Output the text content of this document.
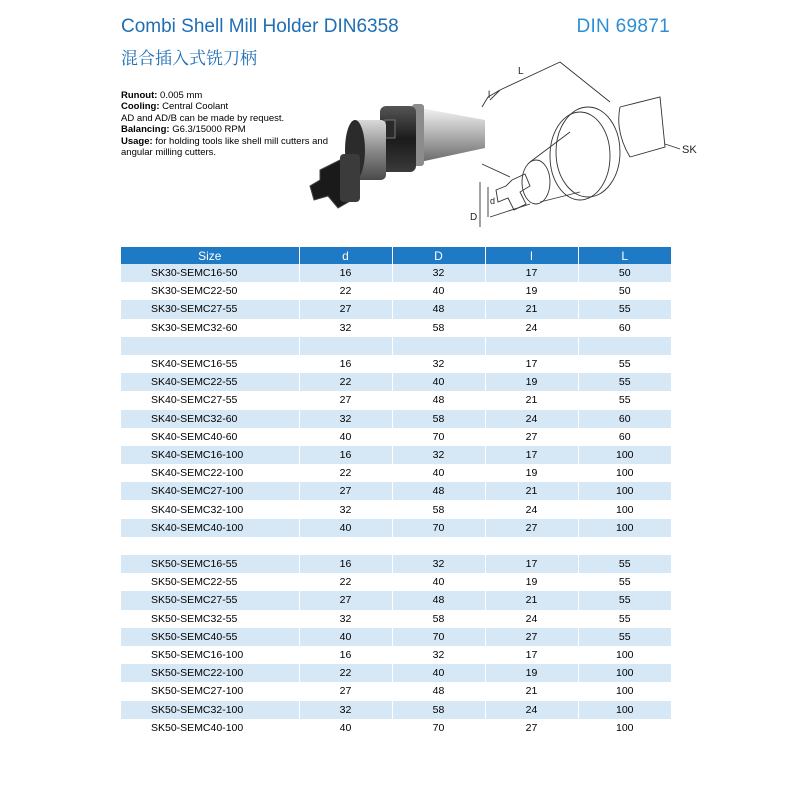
Combi Shell Mill Holder DIN6358
混合插入式铣刀柄
DIN 69871
Runout: 0.005 mm
Cooling: Central Coolant
AD and AD/B can be made by request.
Balancing: G6.3/15000 RPM
Usage: for holding tools like shell mill cutters and angular milling cutters.
L
l
D
d
SK
Size	d	D	l	L
SK30-SEMC16-50	16	32	17	50
SK30-SEMC22-50	22	40	19	50
SK30-SEMC27-55	27	48	21	55
SK30-SEMC32-60	32	58	24	60

SK40-SEMC16-55	16	32	17	55
SK40-SEMC22-55	22	40	19	55
SK40-SEMC27-55	27	48	21	55
SK40-SEMC32-60	32	58	24	60
SK40-SEMC40-60	40	70	27	60
SK40-SEMC16-100	16	32	17	100
SK40-SEMC22-100	22	40	19	100
SK40-SEMC27-100	27	48	21	100
SK40-SEMC32-100	32	58	24	100
SK40-SEMC40-100	40	70	27	100

SK50-SEMC16-55	16	32	17	55
SK50-SEMC22-55	22	40	19	55
SK50-SEMC27-55	27	48	21	55
SK50-SEMC32-55	32	58	24	55
SK50-SEMC40-55	40	70	27	55
SK50-SEMC16-100	16	32	17	100
SK50-SEMC22-100	22	40	19	100
SK50-SEMC27-100	27	48	21	100
SK50-SEMC32-100	32	58	24	100
SK50-SEMC40-100	40	70	27	100
